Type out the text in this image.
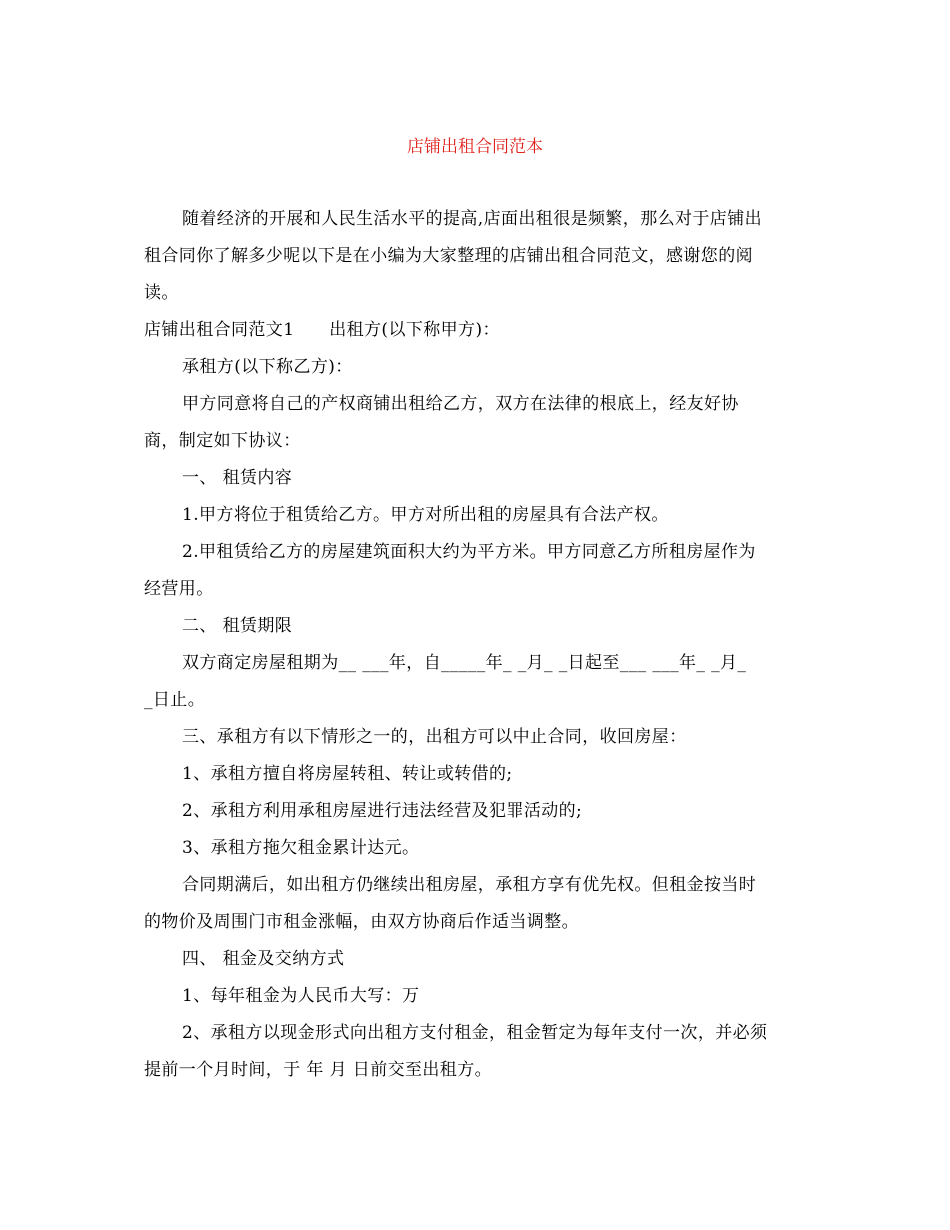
店铺出租合同范本
随着经济的开展和人民生活水平的提高,店面出租很是频繁，那么对于店铺出
租合同你了解多少呢以下是在小编为大家整理的店铺出租合同范文，感谢您的阅
读。
店铺出租合同范文1　　出租方(以下称甲方)：
承租方(以下称乙方)：
甲方同意将自己的产权商铺出租给乙方，双方在法律的根底上，经友好协
商，制定如下协议：
一、 租赁内容
1.甲方将位于租赁给乙方。甲方对所出租的房屋具有合法产权。
2.甲租赁给乙方的房屋建筑面积大约为平方米。甲方同意乙方所租房屋作为
经营用。
二、 租赁期限
双方商定房屋租期为__ ___年，自_____年_ _月_ _日起至___ ___年_ _月_
_日止。
三、承租方有以下情形之一的，出租方可以中止合同，收回房屋：
1、承租方擅自将房屋转租、转让或转借的;
2、承租方利用承租房屋进行违法经营及犯罪活动的;
3、承租方拖欠租金累计达元。
合同期满后，如出租方仍继续出租房屋，承租方享有优先权。但租金按当时
的物价及周围门市租金涨幅，由双方协商后作适当调整。
四、 租金及交纳方式
1、每年租金为人民币大写：万
2、承租方以现金形式向出租方支付租金，租金暂定为每年支付一次，并必须
提前一个月时间，于 年 月 日前交至出租方。
